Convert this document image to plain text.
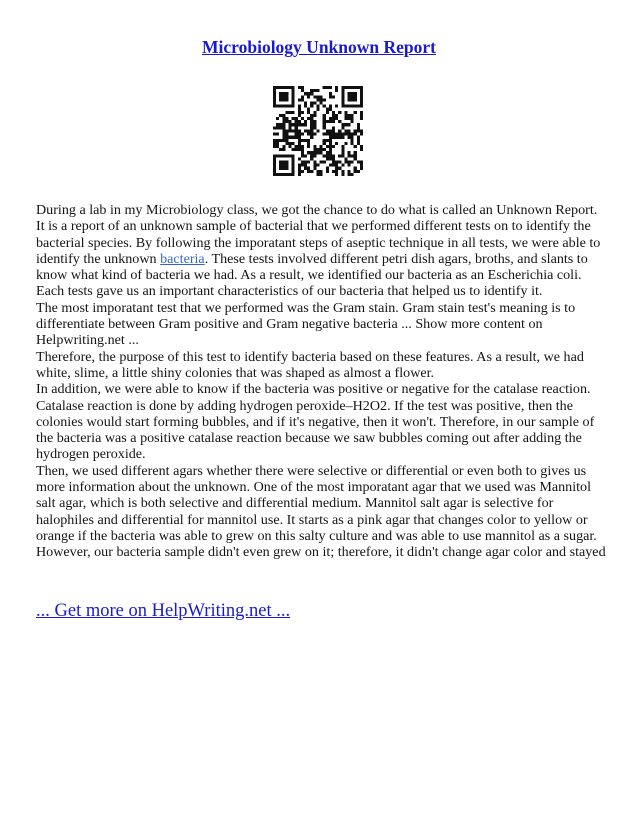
Microbiology Unknown Report

During a lab in my Microbiology class, we got the chance to do what is called an Unknown Report. It is a report of an unknown sample of bacterial that we performed different tests on to identify the bacterial species. By following the imporatant steps of aseptic technique in all tests, we were able to identify the unknown bacteria. These tests involved different petri dish agars, broths, and slants to know what kind of bacteria we had. As a result, we identified our bacteria as an Escherichia coli. Each tests gave us an important characteristics of our bacteria that helped us to identify it.

The most imporatant test that we performed was the Gram stain. Gram stain test's meaning is to differentiate between Gram positive and Gram negative bacteria ... Show more content on Helpwriting.net ...

Therefore, the purpose of this test to identify bacteria based on these features. As a result, we had white, slime, a little shiny colonies that was shaped as almost a flower.

In addition, we were able to know if the bacteria was positive or negative for the catalase reaction. Catalase reaction is done by adding hydrogen peroxide–H2O2. If the test was positive, then the colonies would start forming bubbles, and if it's negative, then it won't. Therefore, in our sample of the bacteria was a positive catalase reaction because we saw bubbles coming out after adding the hydrogen peroxide.

Then, we used different agars whether there were selective or differential or even both to gives us more information about the unknown. One of the most imporatant agar that we used was Mannitol salt agar, which is both selective and differential medium. Mannitol salt agar is selective for halophiles and differential for mannitol use. It starts as a pink agar that changes color to yellow or orange if the bacteria was able to grew on this salty culture and was able to use mannitol as a sugar. However, our bacteria sample didn't even grew on it; therefore, it didn't change agar color and stayed

... Get more on HelpWriting.net ...
